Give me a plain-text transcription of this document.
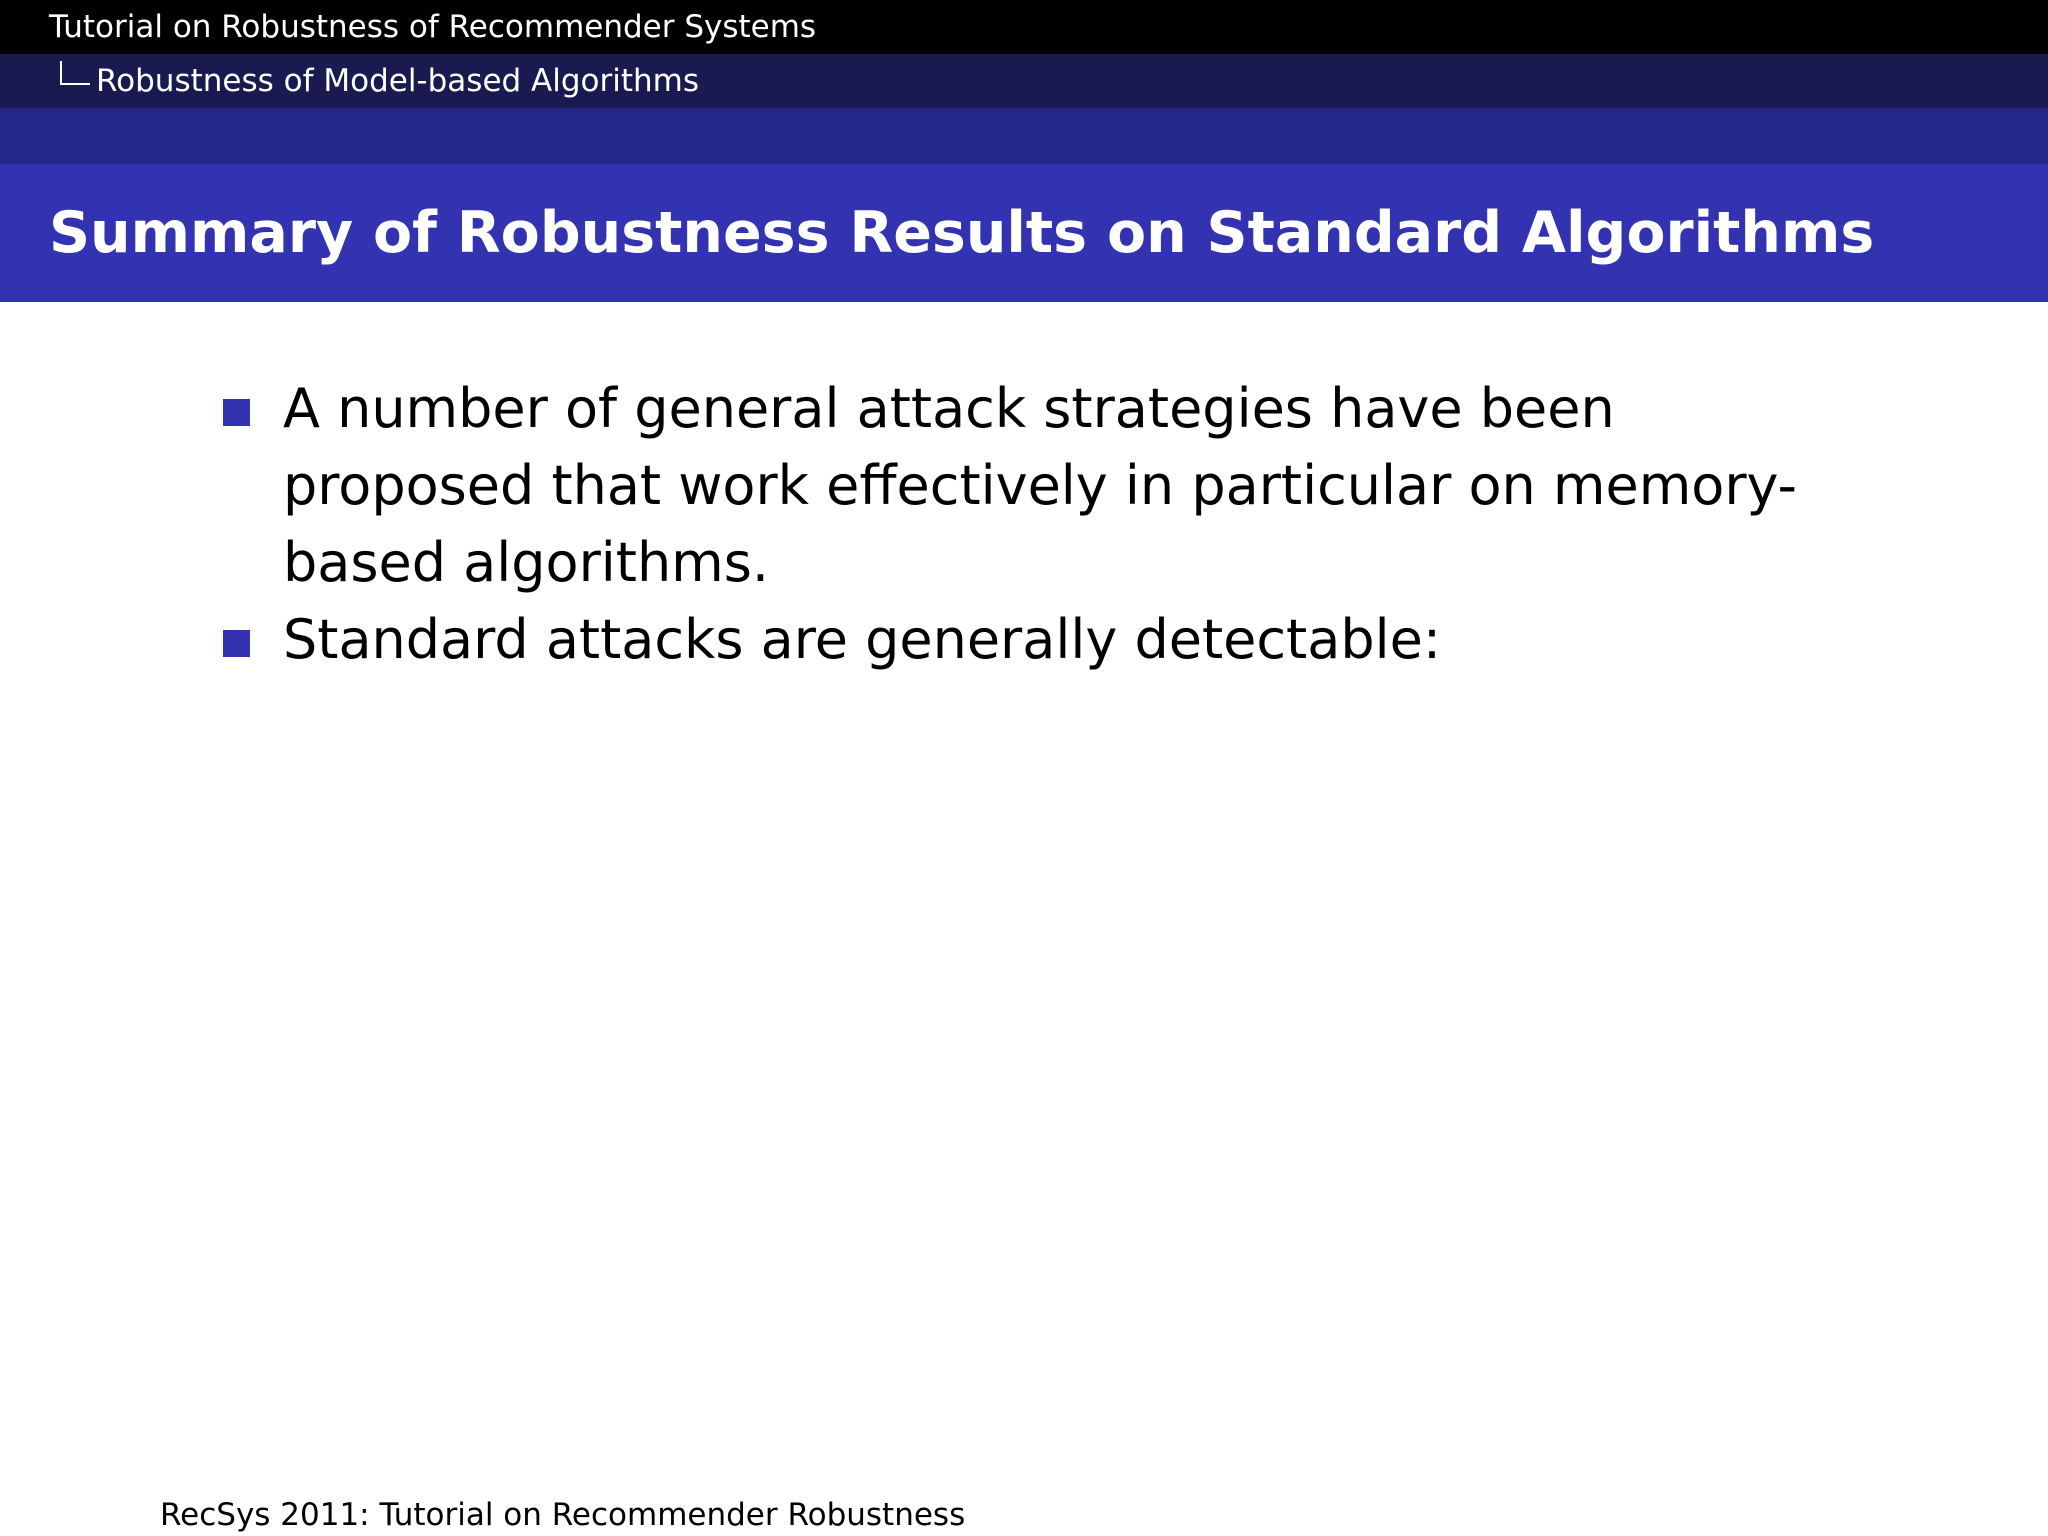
Tutorial on Robustness of Recommender Systems
Robustness of Model-based Algorithms
Summary of Robustness Results on Standard Algorithms
A number of general attack strategies have been proposed that work effectively in particular on memory-based algorithms.
Standard attacks are generally detectable:
RecSys 2011: Tutorial on Recommender Robustness
